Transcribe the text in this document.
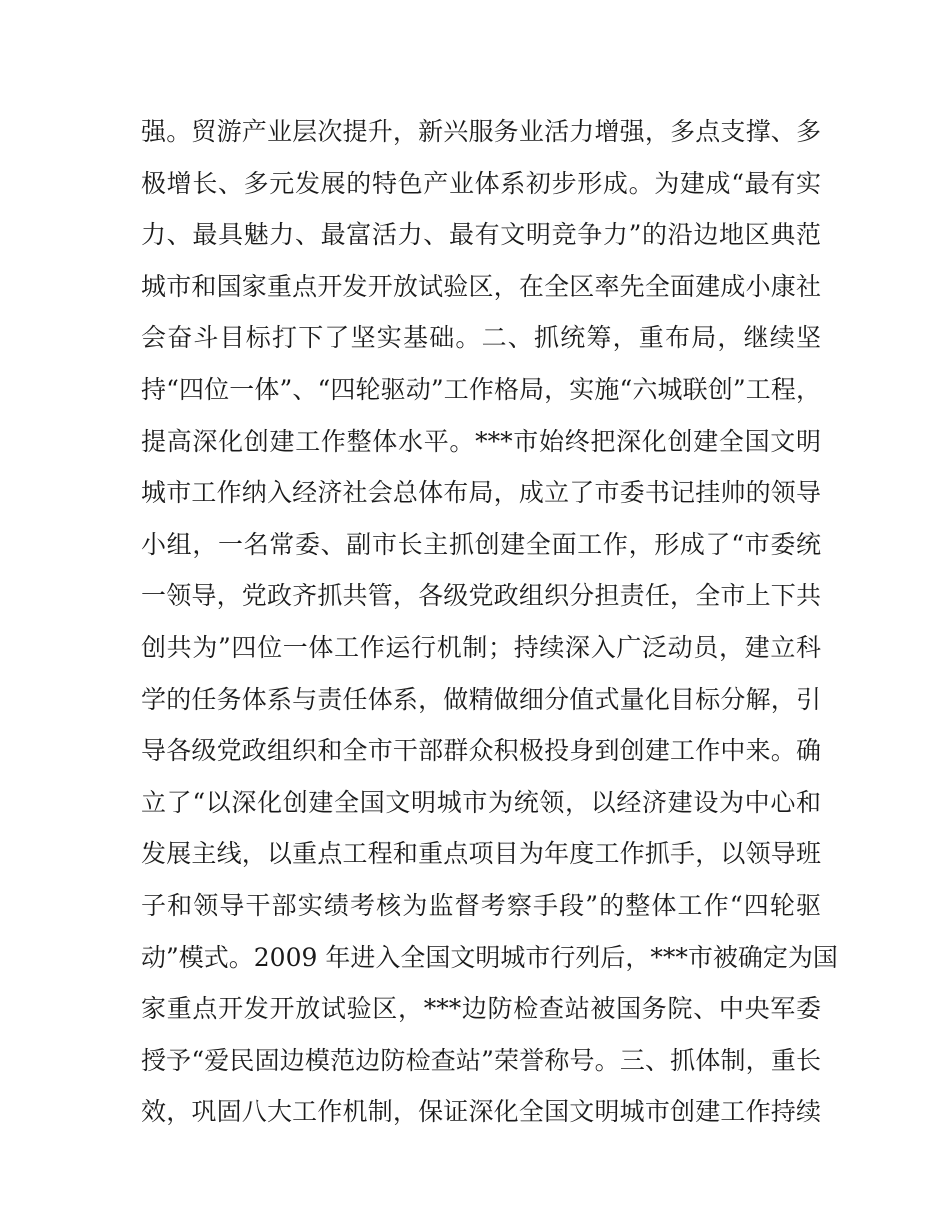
强。贸游产业层次提升，新兴服务业活力增强，多点支撑、多
极增长、多元发展的特色产业体系初步形成。为建成“最有实
力、最具魅力、最富活力、最有文明竞争力”的沿边地区典范
城市和国家重点开发开放试验区，在全区率先全面建成小康社
会奋斗目标打下了坚实基础。二、抓统筹，重布局，继续坚
持“四位一体”、“四轮驱动”工作格局，实施“六城联创”工程，
提高深化创建工作整体水平。***市始终把深化创建全国文明
城市工作纳入经济社会总体布局，成立了市委书记挂帅的领导
小组，一名常委、副市长主抓创建全面工作，形成了“市委统
一领导，党政齐抓共管，各级党政组织分担责任，全市上下共
创共为”四位一体工作运行机制；持续深入广泛动员，建立科
学的任务体系与责任体系，做精做细分值式量化目标分解，引
导各级党政组织和全市干部群众积极投身到创建工作中来。确
立了“以深化创建全国文明城市为统领，以经济建设为中心和
发展主线，以重点工程和重点项目为年度工作抓手，以领导班
子和领导干部实绩考核为监督考察手段”的整体工作“四轮驱
动”模式。2009 年进入全国文明城市行列后，***市被确定为国
家重点开发开放试验区，***边防检查站被国务院、中央军委
授予“爱民固边模范边防检查站”荣誉称号。三、抓体制，重长
效，巩固八大工作机制，保证深化全国文明城市创建工作持续
